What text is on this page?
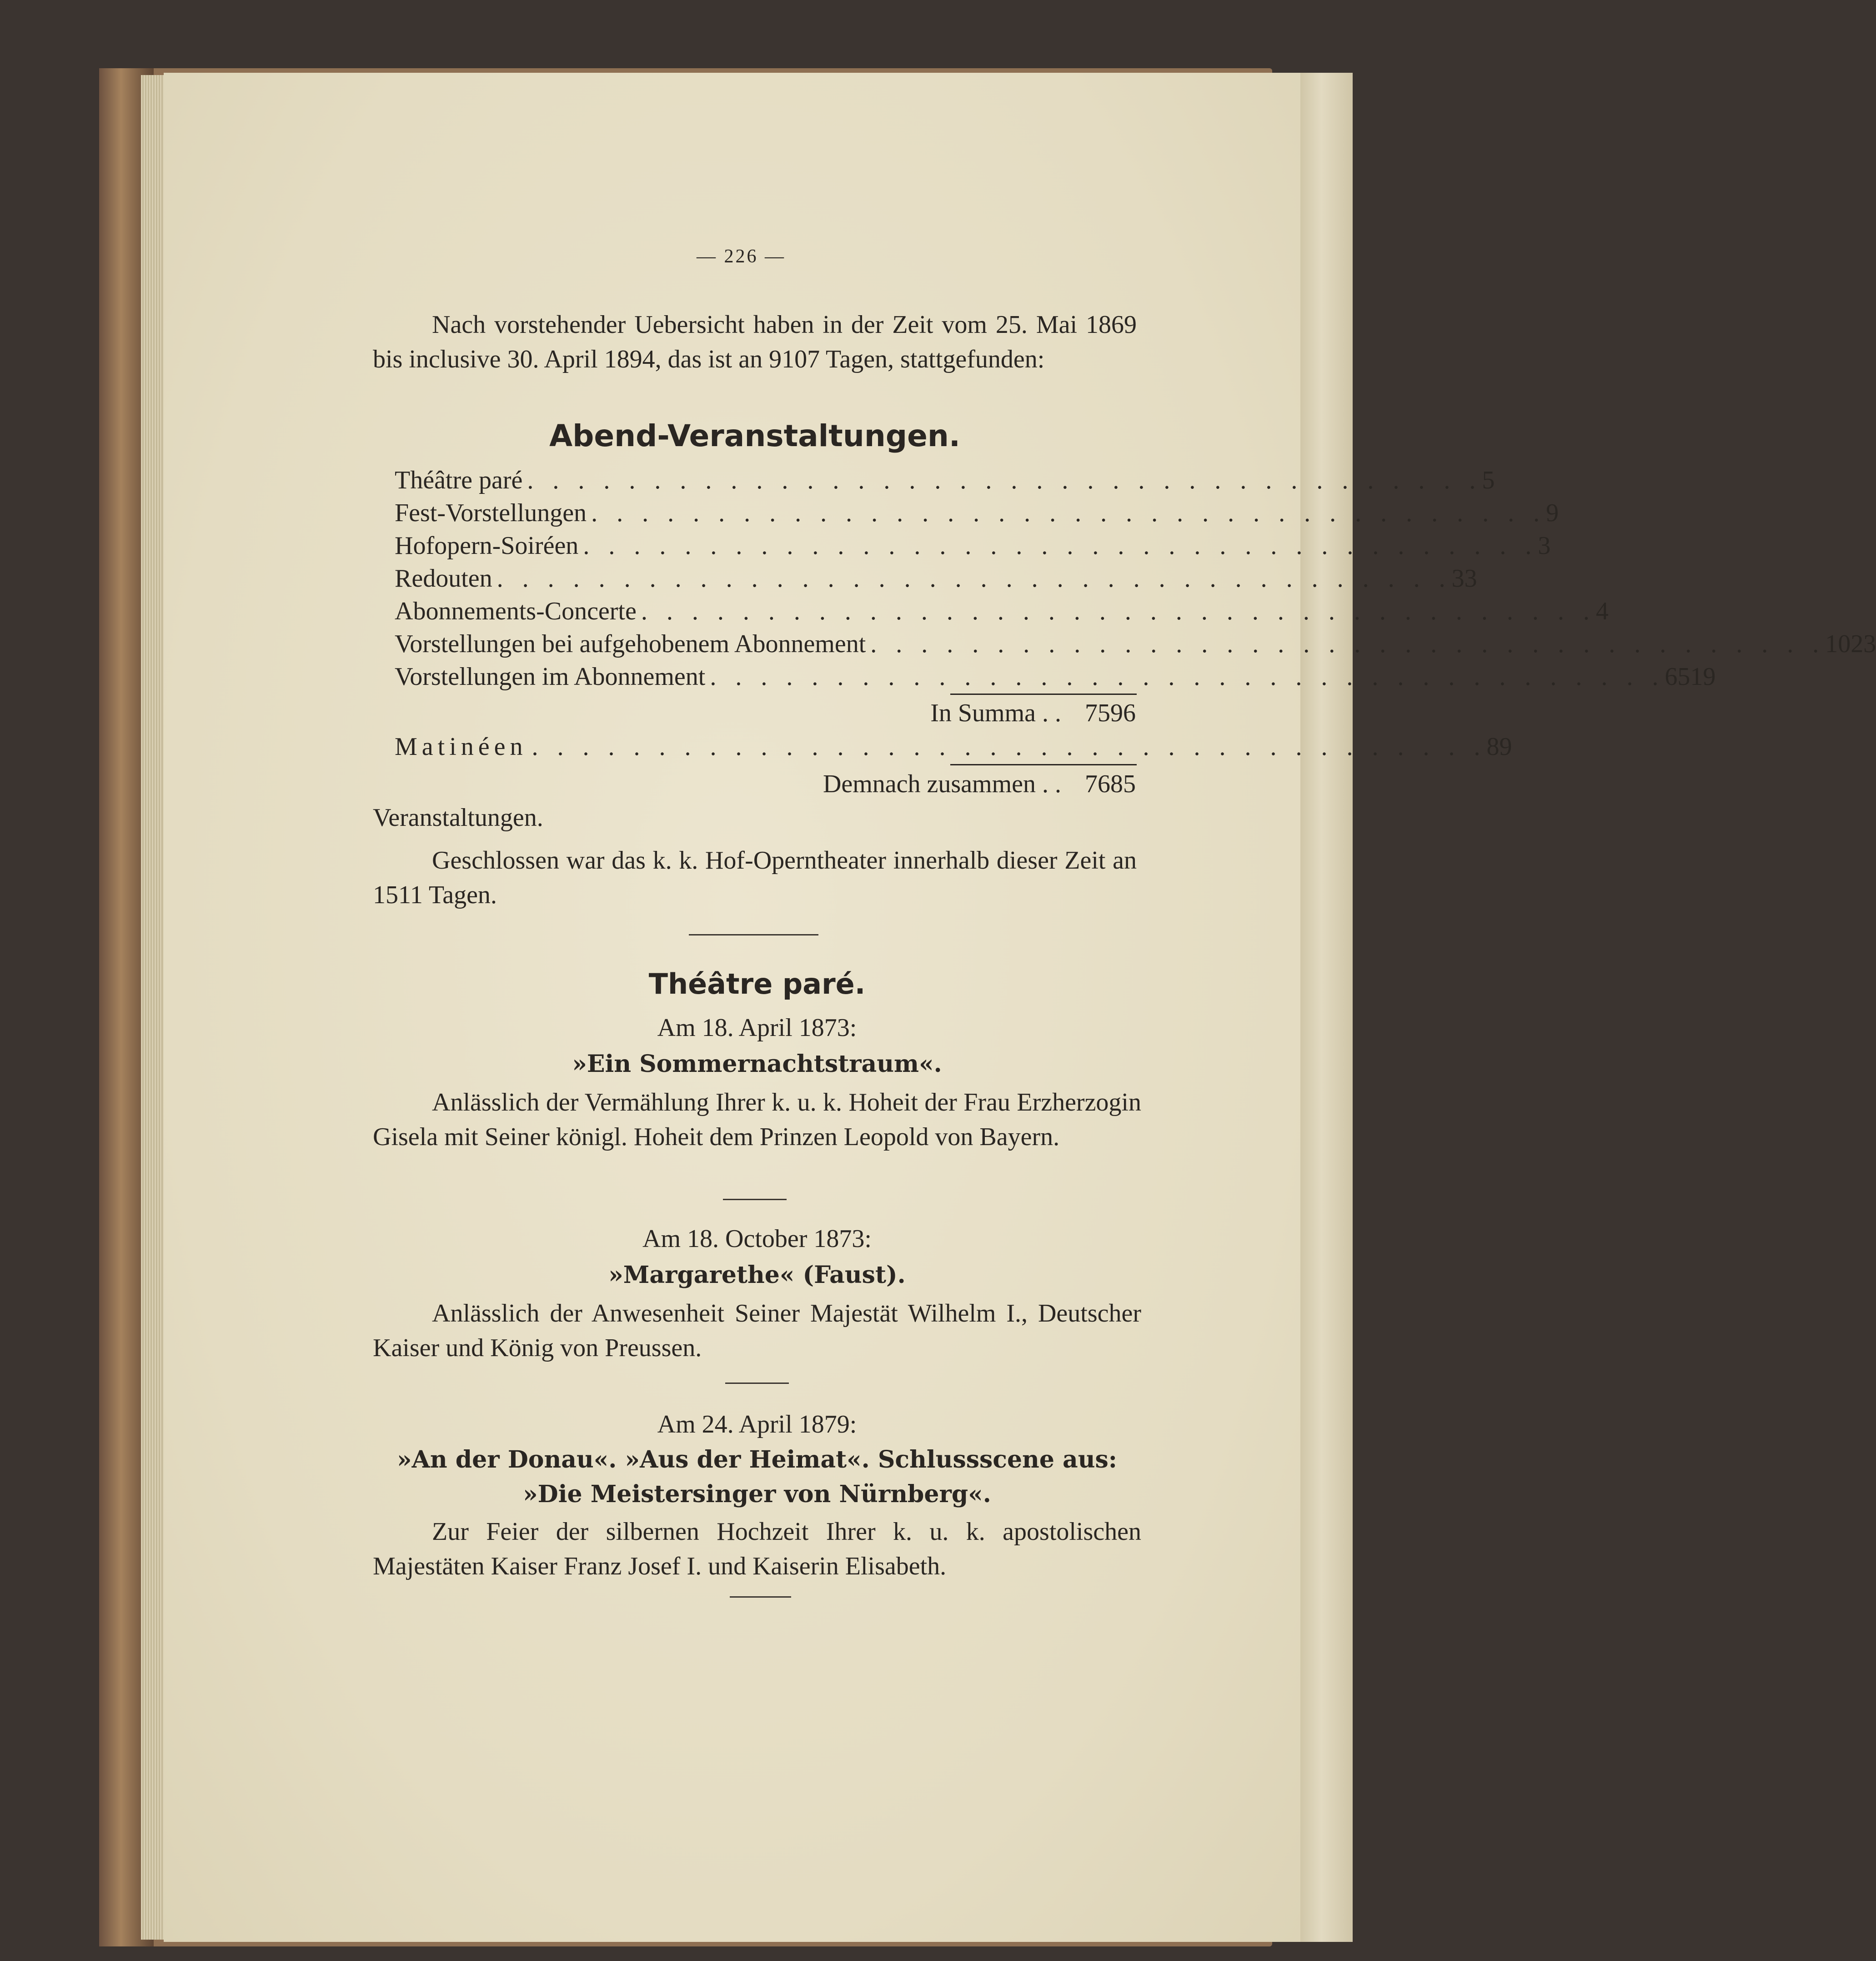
— 226 —
Nach vorstehender Uebersicht haben in der Zeit vom 25. Mai 1869 bis inclusive 30. April 1894, das ist an 9107 Tagen, stattgefunden:
Abend-Veranstaltungen.
Théâtre paré . . . . . . . . . . . . . . . . . . . . . . . . . . . . . . . . . . . . . . 5
Fest-Vorstellungen . . . . . . . . . . . . . . . . . . . . . . . . . . . . . . . . . . . . . . 9
Hofopern-Soiréen . . . . . . . . . . . . . . . . . . . . . . . . . . . . . . . . . . . . . . 3
Redouten . . . . . . . . . . . . . . . . . . . . . . . . . . . . . . . . . . . . . . 33
Abonnements-Concerte . . . . . . . . . . . . . . . . . . . . . . . . . . . . . . . . . . . . . . 4
Vorstellungen bei aufgehobenem Abonnement . . . . . . . . . . . . . . . . . . . . . . . . . . . . . . . . . . . . . . 1023
Vorstellungen im Abonnement . . . . . . . . . . . . . . . . . . . . . . . . . . . . . . . . . . . . . . 6519
In Summa . . 7596
Matinéen . . . . . . . . . . . . . . . . . . . . . . . . . . . . . . . . . . . . . . 89
Demnach zusammen . . 7685
Veranstaltungen.
Geschlossen war das k. k. Hof-Operntheater innerhalb dieser Zeit an 1511 Tagen.
Théâtre paré.
Am 18. April 1873:
»Ein Sommernachtstraum«.
Anlässlich der Vermählung Ihrer k. u. k. Hoheit der Frau Erzherzogin Gisela mit Seiner königl. Hoheit dem Prinzen Leopold von Bayern.
Am 18. October 1873:
»Margarethe« (Faust).
Anlässlich der Anwesenheit Seiner Majestät Wilhelm I., Deutscher Kaiser und König von Preussen.
Am 24. April 1879:
»An der Donau«. »Aus der Heimat«. Schlussscene aus: »Die Meistersinger von Nürnberg«.
Zur Feier der silbernen Hochzeit Ihrer k. u. k. apostolischen Majestäten Kaiser Franz Josef I. und Kaiserin Elisabeth.
